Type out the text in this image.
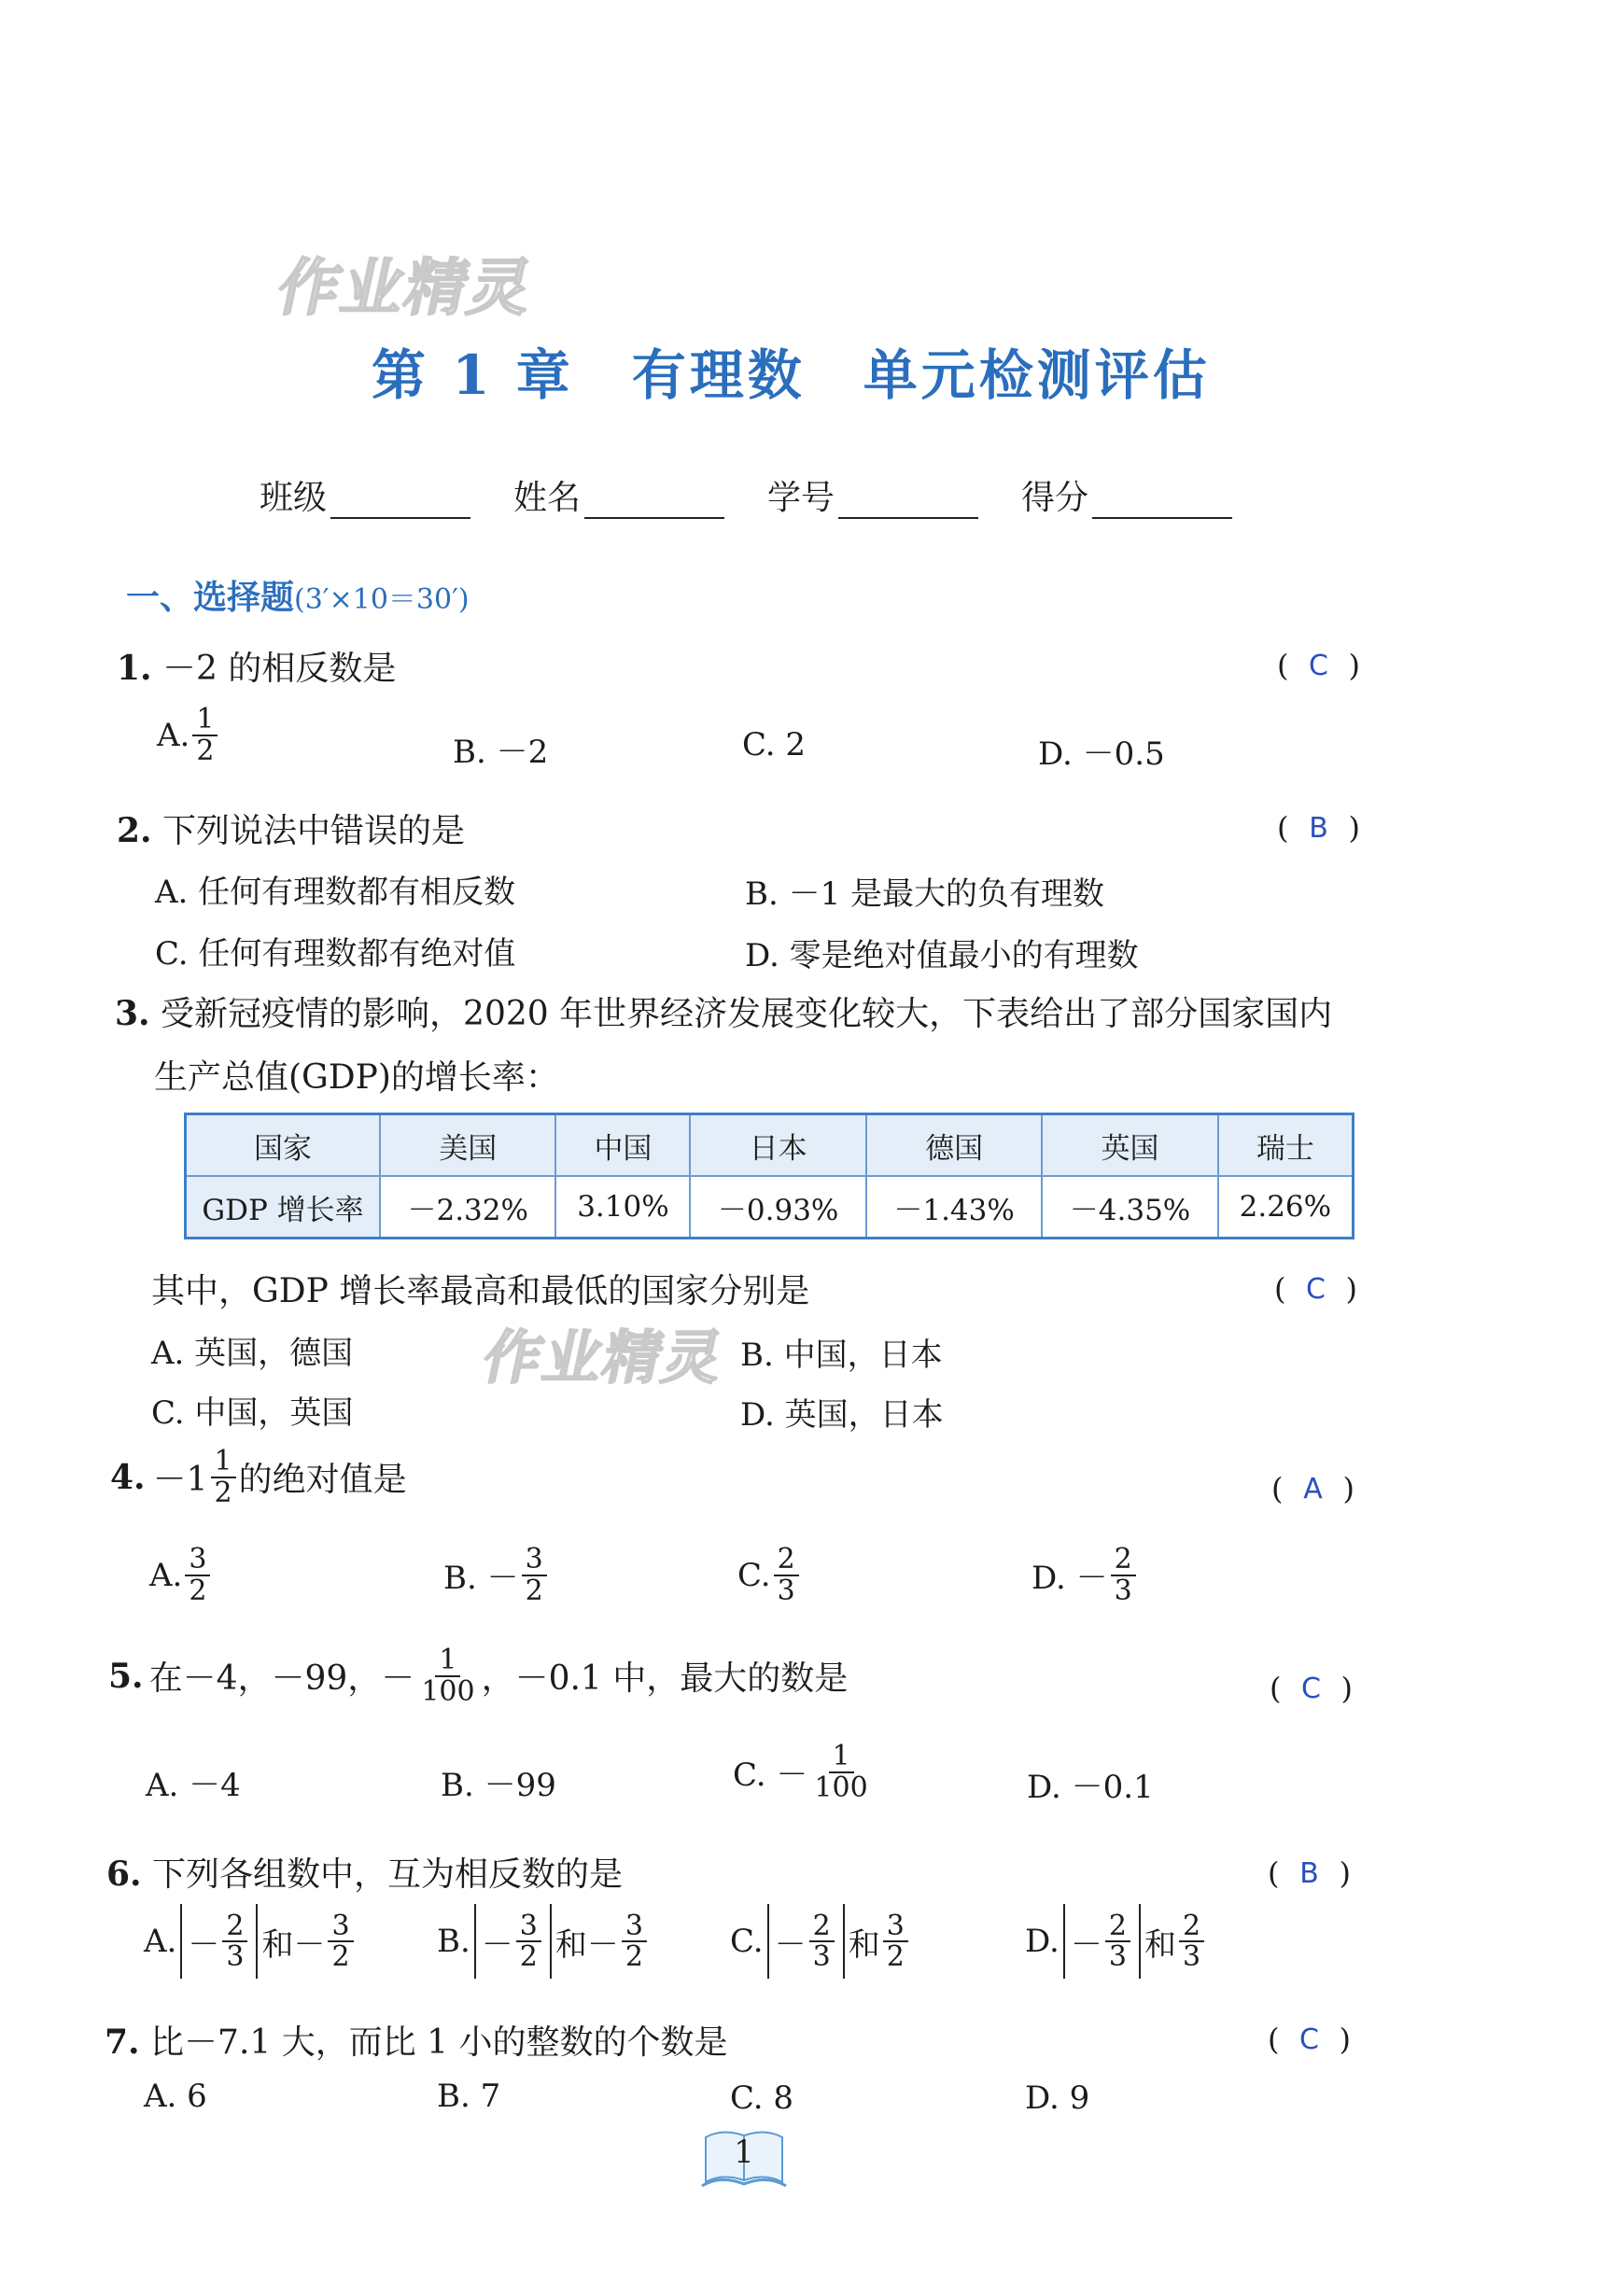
作业精灵
作业精灵
第 1 章　有理数　单元检测评估
班级	姓名	学号	得分
一、选择题(3′×10＝30′)
1. －2 的相反数是	( C )
A. $\frac{1}{2}$	B. －2	C. 2	D. －0.5
2. 下列说法中错误的是	( B )
A. 任何有理数都有相反数	B. －1 是最大的负有理数
C. 任何有理数都有绝对值	D. 零是绝对值最小的有理数
3. 受新冠疫情的影响，2020 年世界经济发展变化较大，下表给出了部分国家国内
生产总值(GDP)的增长率：
国家	美国	中国	日本	德国	英国	瑞士
GDP 增长率	－2.32%	3.10%	－0.93%	－1.43%	－4.35%	2.26%
其中，GDP 增长率最高和最低的国家分别是	( C )
A. 英国，德国	B. 中国，日本
C. 中国，英国	D. 英国，日本
4. $-1 \frac{1}{2}$ 的绝对值是	( A )
A. $\frac{3}{2}$	B. － $\frac{3}{2}$	C. $\frac{2}{3}$	D. － $\frac{2}{3}$
5. 在－4，－99，－ $\frac{1}{100}$ ，－0.1 中，最大的数是	( C )
A. －4	B. －99	C. － $\frac{1}{100}$	D. －0.1
6. 下列各组数中，互为相反数的是	( B )
A. － $\frac{2}{3}$ 和 － $\frac{3}{2}$	B. － $\frac{3}{2}$ 和 － $\frac{3}{2}$	C. － $\frac{2}{3}$ 和 $\frac{3}{2}$	D. － $\frac{2}{3}$ 和 $\frac{2}{3}$
7. 比－7.1 大，而比 1 小的整数的个数是	( C )
A. 6	B. 7	C. 8	D. 9
1
